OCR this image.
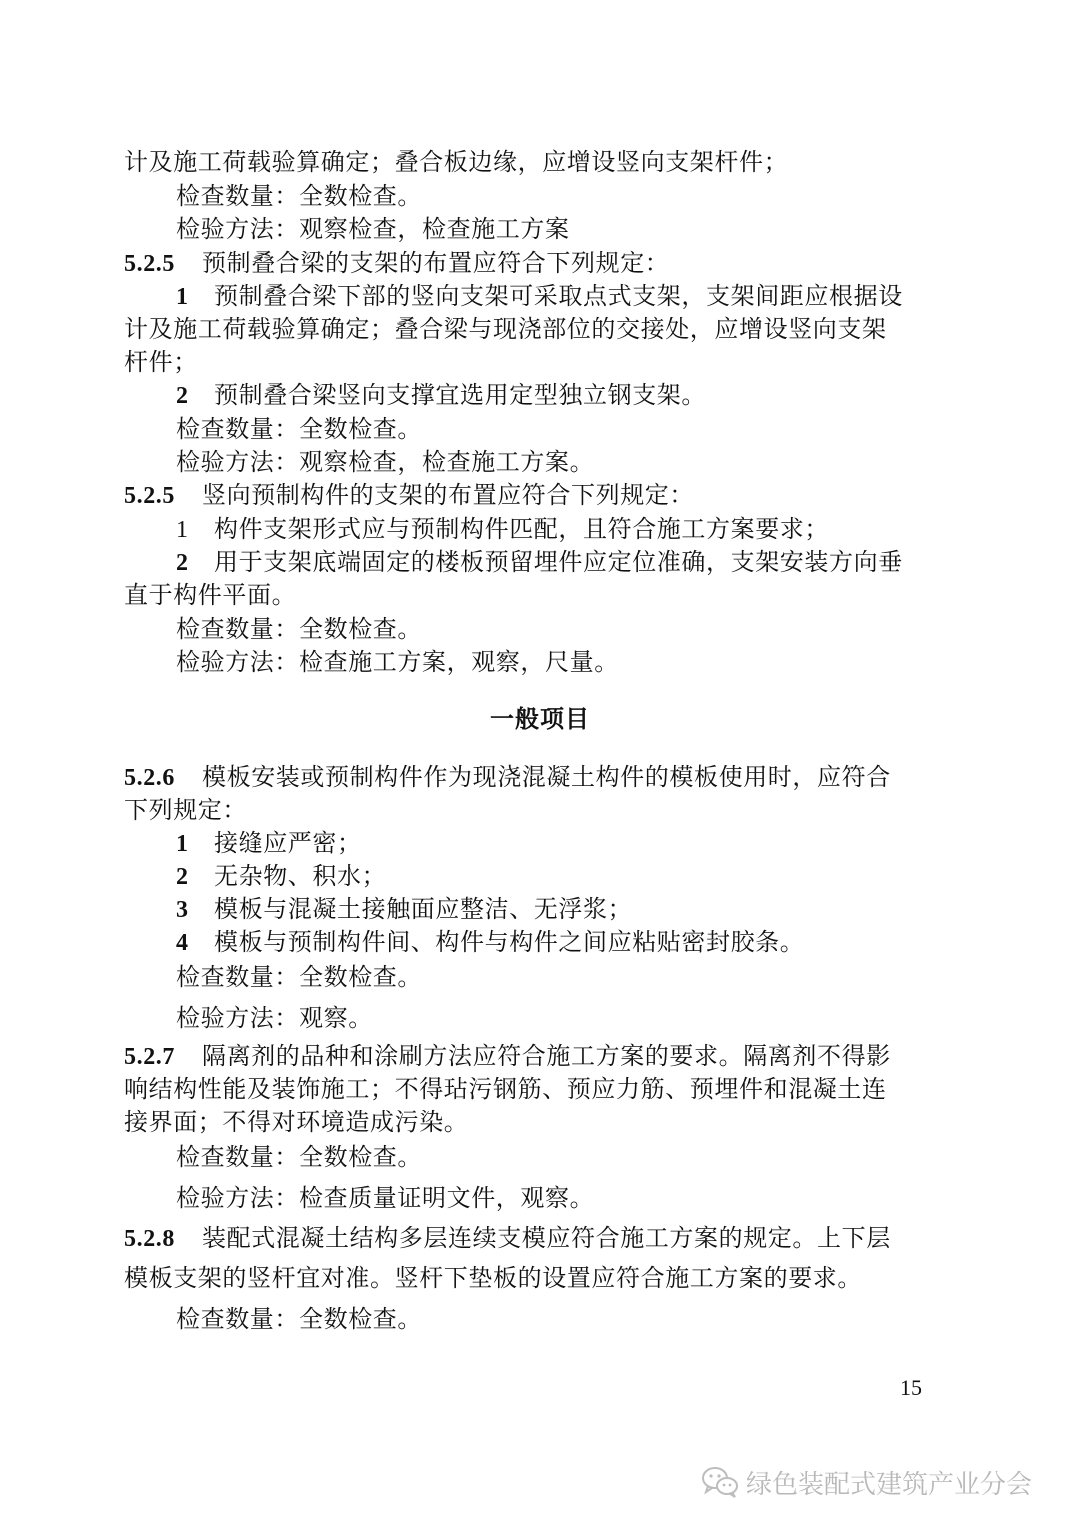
计及施工荷载验算确定；叠合板边缘，应增设竖向支架杆件；
检查数量：全数检查。
检验方法：观察检查，检查施工方案
5.2.5 预制叠合梁的支架的布置应符合下列规定：
1 预制叠合梁下部的竖向支架可采取点式支架，支架间距应根据设
计及施工荷载验算确定；叠合梁与现浇部位的交接处，应增设竖向支架
杆件；
2 预制叠合梁竖向支撑宜选用定型独立钢支架。
检查数量：全数检查。
检验方法：观察检查，检查施工方案。
5.2.5 竖向预制构件的支架的布置应符合下列规定：
1 构件支架形式应与预制构件匹配，且符合施工方案要求；
2 用于支架底端固定的楼板预留埋件应定位准确，支架安装方向垂
直于构件平面。
检查数量：全数检查。
检验方法：检查施工方案，观察，尺量。
一般项目
5.2.6 模板安装或预制构件作为现浇混凝土构件的模板使用时，应符合
下列规定：
1 接缝应严密；
2 无杂物、积水；
3 模板与混凝土接触面应整洁、无浮浆；
4 模板与预制构件间、构件与构件之间应粘贴密封胶条。
检查数量：全数检查。
检验方法：观察。
5.2.7 隔离剂的品种和涂刷方法应符合施工方案的要求。隔离剂不得影
响结构性能及装饰施工；不得玷污钢筋、预应力筋、预埋件和混凝土连
接界面；不得对环境造成污染。
检查数量：全数检查。
检验方法：检查质量证明文件，观察。
5.2.8 装配式混凝土结构多层连续支模应符合施工方案的规定。上下层
模板支架的竖杆宜对准。竖杆下垫板的设置应符合施工方案的要求。
检查数量：全数检查。
15
绿色装配式建筑产业分会
